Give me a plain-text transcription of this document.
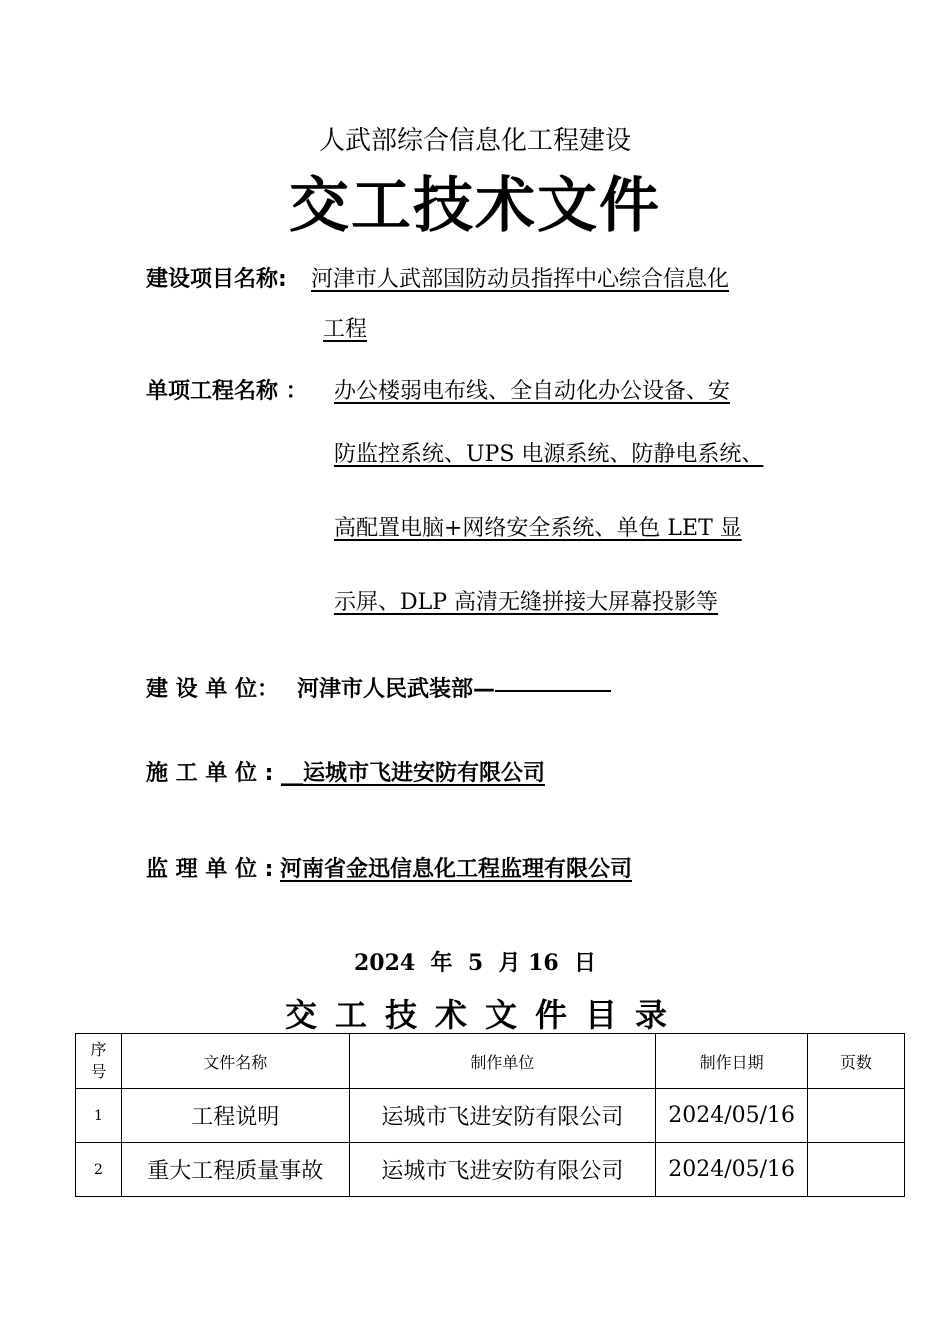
人武部综合信息化工程建设
交工技术文件
建设项目名称: 河津市人武部国防动员指挥中心综合信息化
工程
单项工程名称 ： 办公楼弱电布线、全自动化办公设备、安
防监控系统、UPS 电源系统、防静电系统、
高配置电脑+网络安全系统、单色 LET 显
示屏、DLP 高清无缝拼接大屏幕投影等
建 设 单 位： 河津市人民武装部—
施 工 单 位 : __运城市飞进安防有限公司
监 理 单 位 : 河南省金迅信息化工程监理有限公司
2024  年  5  月 16  日
交工技术文件目录
序号	文件名称	制作单位	制作日期	页数
1	工程说明	运城市飞进安防有限公司	2024/05/16	
2	重大工程质量事故	运城市飞进安防有限公司	2024/05/16	
